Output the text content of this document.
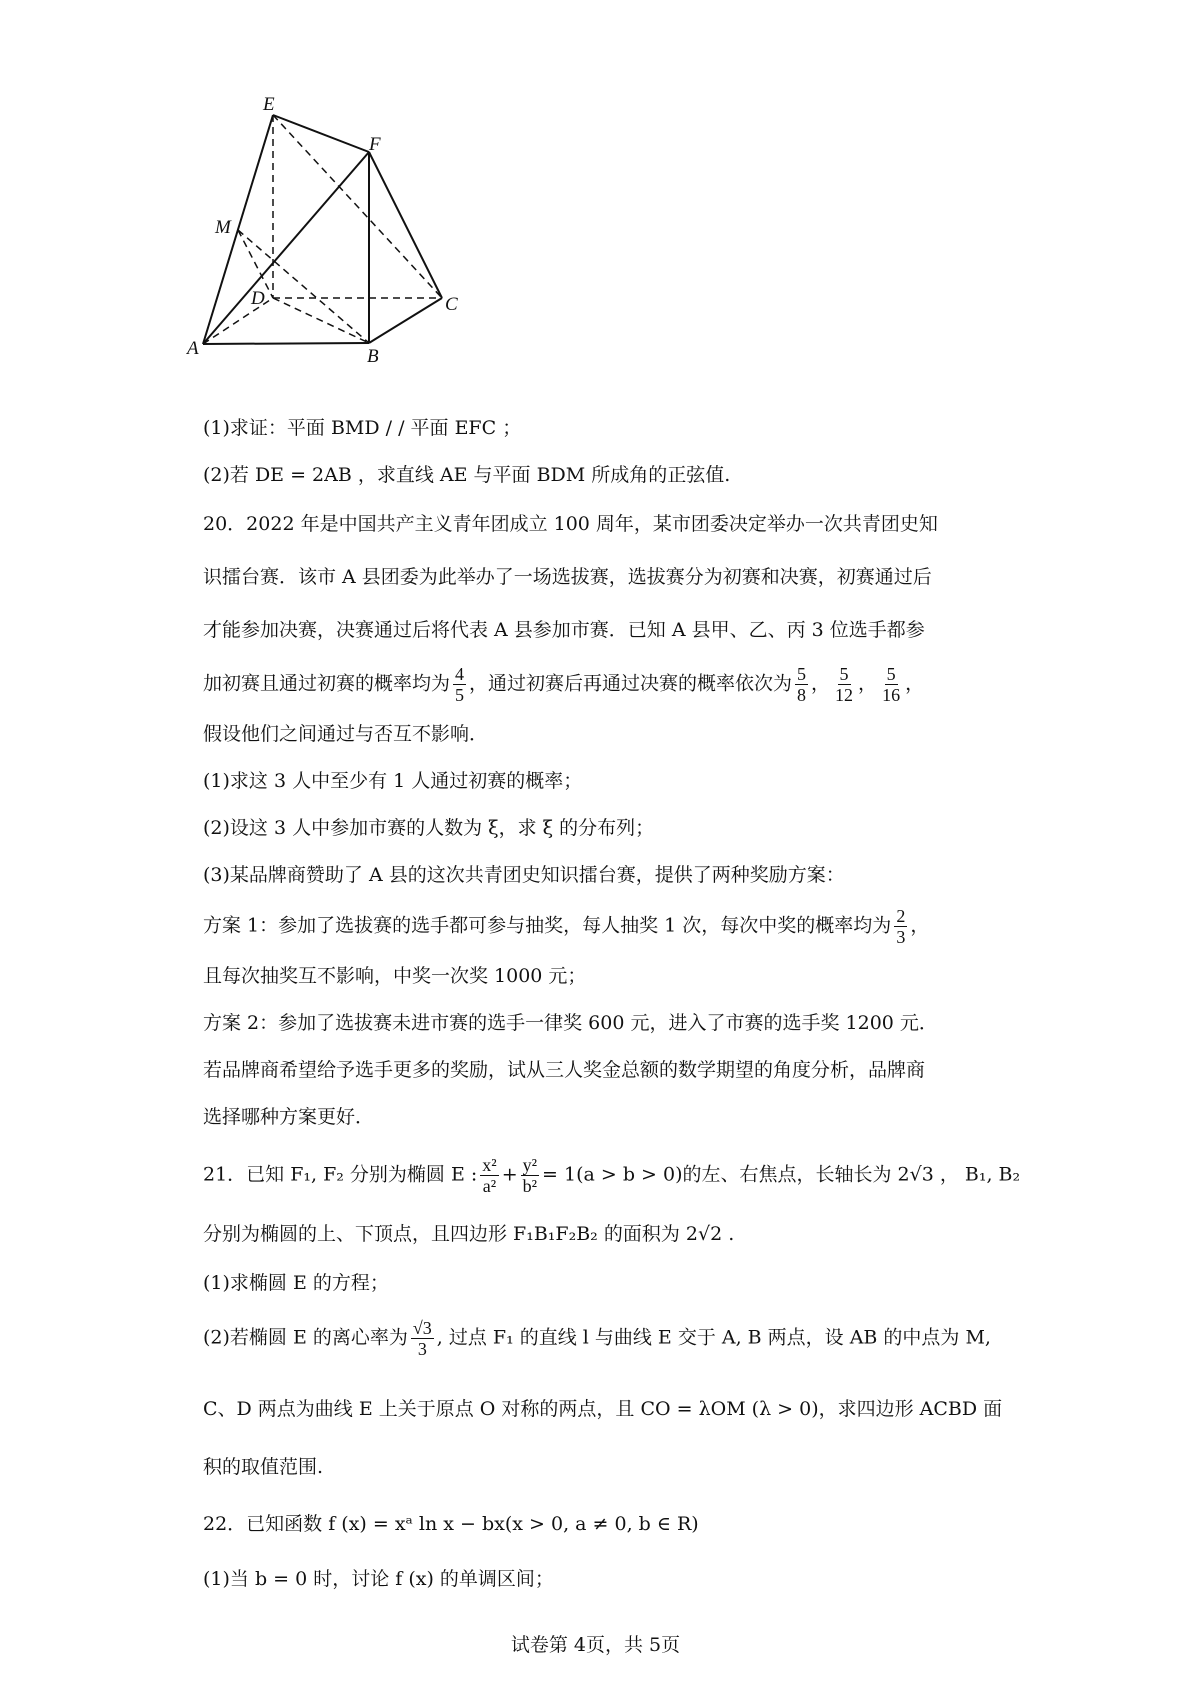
E
F
M
D	C
A	B
(1)求证：平面 BMD / / 平面 EFC ；
(2)若 DE = 2AB ，求直线 AE 与平面 BDM 所成角的正弦值.
20．2022 年是中国共产主义青年团成立 100 周年，某市团委决定举办一次共青团史知
识擂台赛．该市 A 县团委为此举办了一场选拔赛，选拔赛分为初赛和决赛，初赛通过后
才能参加决赛，决赛通过后将代表 A 县参加市赛．已知 A 县甲、乙、丙 3 位选手都参
加初赛且通过初赛的概率均为 $\frac{4}{5}$ ，通过初赛后再通过决赛的概率依次为 $\frac{5}{8}$ ， $\frac{5}{12}$ ， $\frac{5}{16}$ ，
假设他们之间通过与否互不影响．
(1)求这 3 人中至少有 1 人通过初赛的概率；
(2)设这 3 人中参加市赛的人数为 ξ，求 ξ 的分布列；
(3)某品牌商赞助了 A 县的这次共青团史知识擂台赛，提供了两种奖励方案：
方案 1：参加了选拔赛的选手都可参与抽奖，每人抽奖 1 次，每次中奖的概率均为 $\frac{2}{3}$ ，
且每次抽奖互不影响，中奖一次奖 1000 元；
方案 2：参加了选拔赛未进市赛的选手一律奖 600 元，进入了市赛的选手奖 1200 元．
若品牌商希望给予选手更多的奖励，试从三人奖金总额的数学期望的角度分析，品牌商
选择哪种方案更好．
21．已知 F₁, F₂ 分别为椭圆 E : $\frac{\text{x²}}{\text{a²}} + \frac{\text{y²}}{\text{b²}} = 1(a > b > 0)$的左、右焦点，长轴长为 2√3 ， B₁, B₂
分别为椭圆的上、下顶点，且四边形 F₁B₁F₂B₂ 的面积为 2√2 .
(1)求椭圆 E 的方程；
(2)若椭圆 E 的离心率为 $\frac{√3}{3}$ , 过点 F₁ 的直线 l 与曲线 E 交于 A, B 两点，设 AB 的中点为 M,
C、D 两点为曲线 E 上关于原点 O 对称的两点，且 CO = λOM (λ > 0)，求四边形 ACBD 面
积的取值范围.
22．已知函数 f (x) = xᵃ ln x − bx(x > 0, a ≠ 0, b ∈ R)
(1)当 b = 0 时，讨论 f (x) 的单调区间；
试卷第 4页，共 5页
